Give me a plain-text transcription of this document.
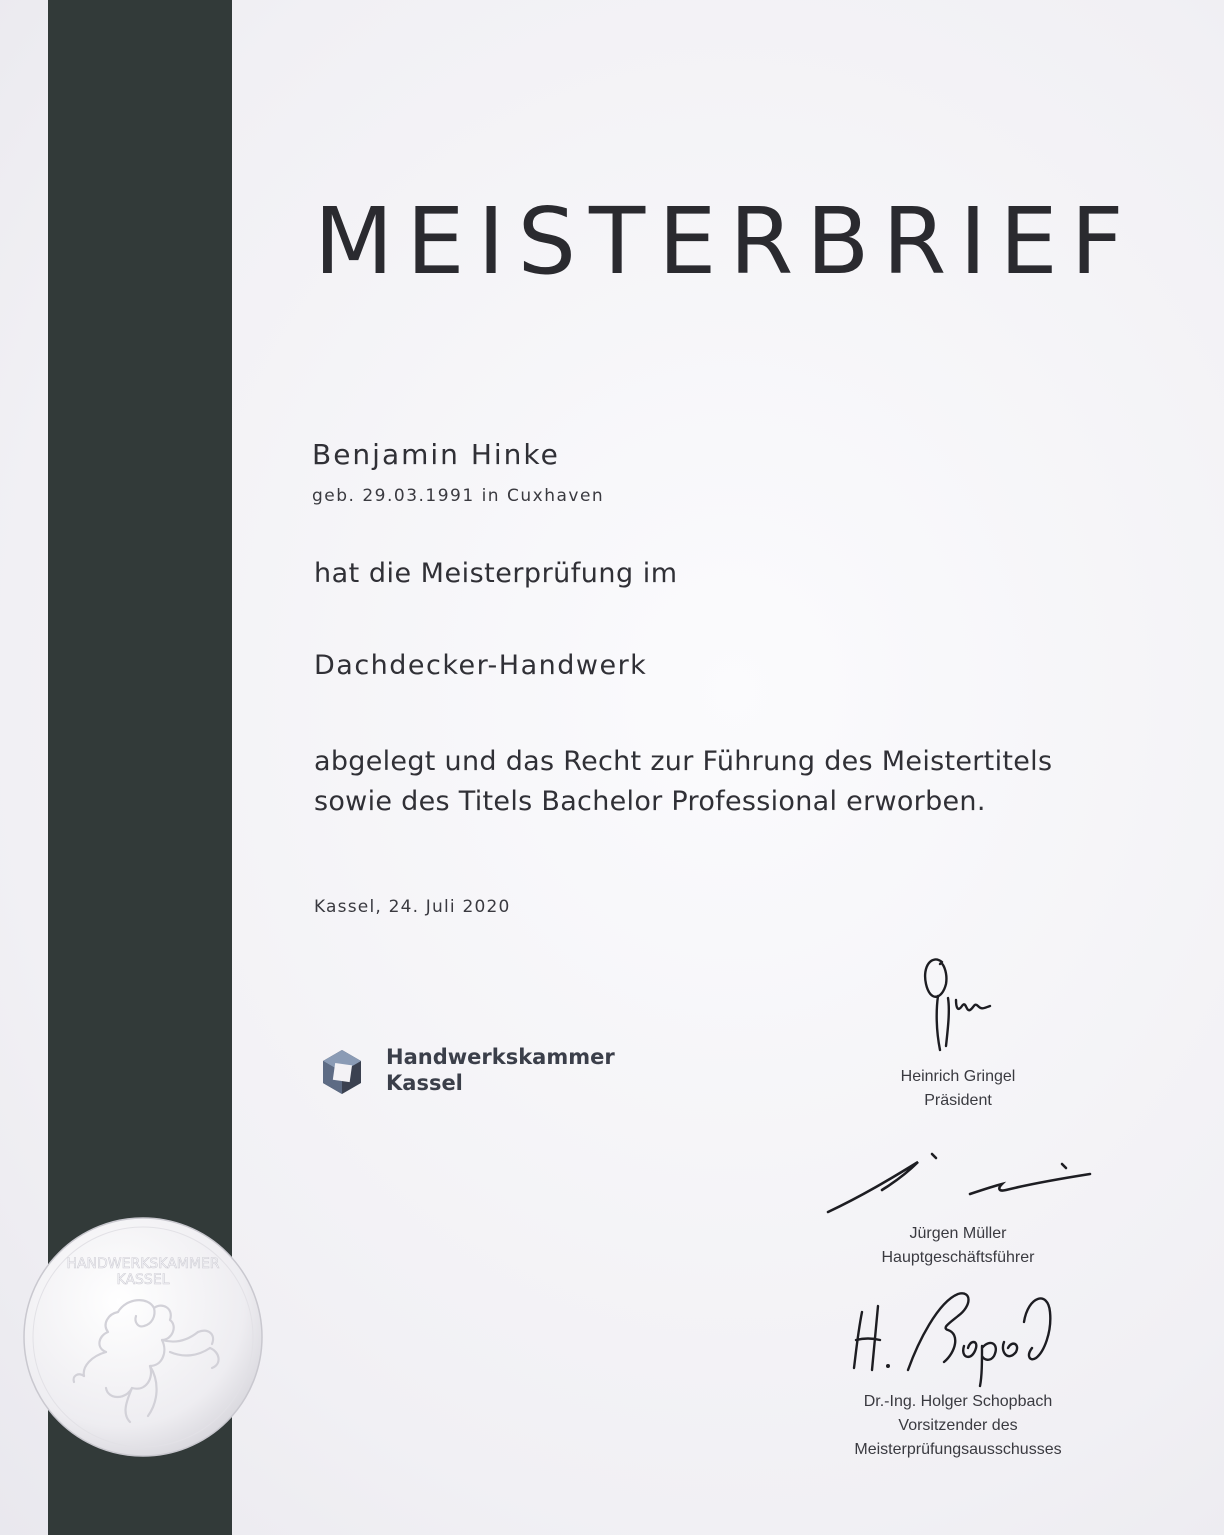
MEISTERBRIEF
Benjamin Hinke
geb. 29.03.1991 in Cuxhaven
hat die Meisterprüfung im
Dachdecker-Handwerk
abgelegt und das Recht zur Führung des Meistertitels
sowie des Titels Bachelor Professional erworben.
Kassel, 24. Juli 2020
Handwerkskammer
Kassel	Heinrich Gringel
Präsident
Jürgen Müller
Hauptgeschäftsführer
Dr.-Ing. Holger Schopbach
Vorsitzender des
Meisterprüfungsausschusses
HANDWERKSKAMMER
KASSEL
